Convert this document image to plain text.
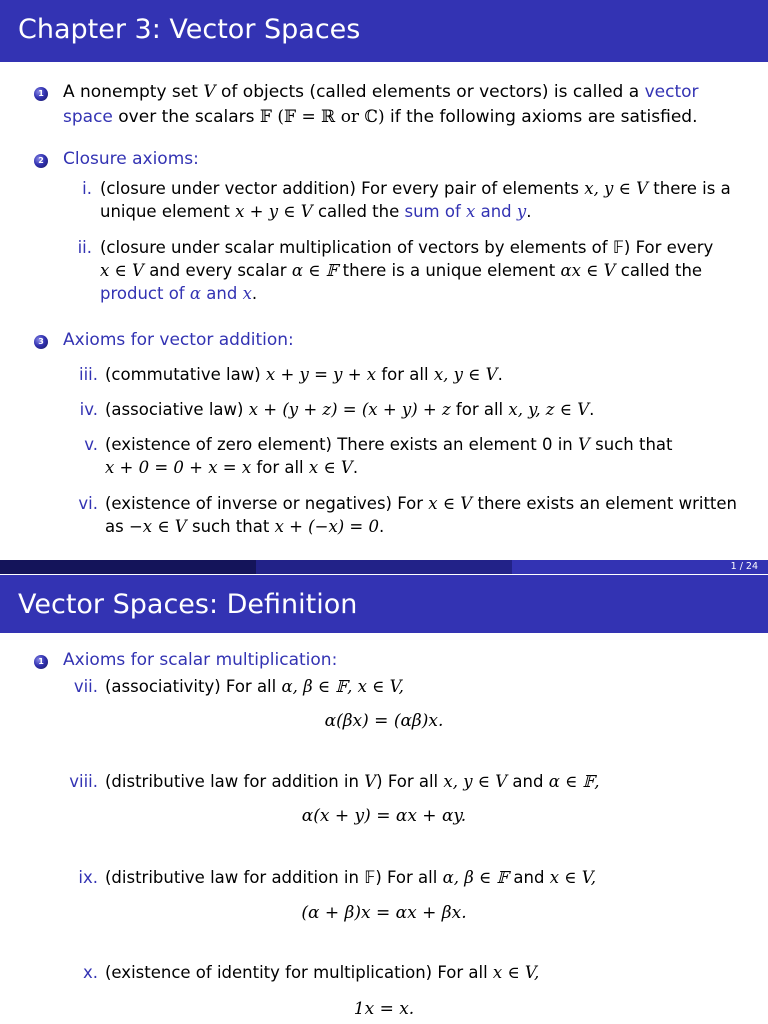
Chapter 3: Vector Spaces
1 A nonempty set V of objects (called elements or vectors) is called a vector
space over the scalars 𝔽 (𝔽 = ℝ or ℂ) if the following axioms are satisfied.
2 Closure axioms:
i. (closure under vector addition) For every pair of elements x, y ∈ V there is a
unique element x + y ∈ V called the sum of x and y.
ii. (closure under scalar multiplication of vectors by elements of 𝔽) For every
x ∈ V and every scalar α ∈ 𝔽 there is a unique element αx ∈ V called the
product of α and x.
3 Axioms for vector addition:
iii. (commutative law) x + y = y + x for all x, y ∈ V.
iv. (associative law) x + (y + z) = (x + y) + z for all x, y, z ∈ V.
v. (existence of zero element) There exists an element 0 in V such that
x + 0 = 0 + x = x for all x ∈ V.
vi. (existence of inverse or negatives) For x ∈ V there exists an element written
as −x ∈ V such that x + (−x) = 0.
1 / 24
Vector Spaces: Definition
1 Axioms for scalar multiplication:
vii. (associativity) For all α, β ∈ 𝔽, x ∈ V,
α(βx) = (αβ)x.
viii. (distributive law for addition in V) For all x, y ∈ V and α ∈ 𝔽,
α(x + y) = αx + αy.
ix. (distributive law for addition in 𝔽) For all α, β ∈ 𝔽 and x ∈ V,
(α + β)x = αx + βx.
x. (existence of identity for multiplication) For all x ∈ V,
1x = x.
